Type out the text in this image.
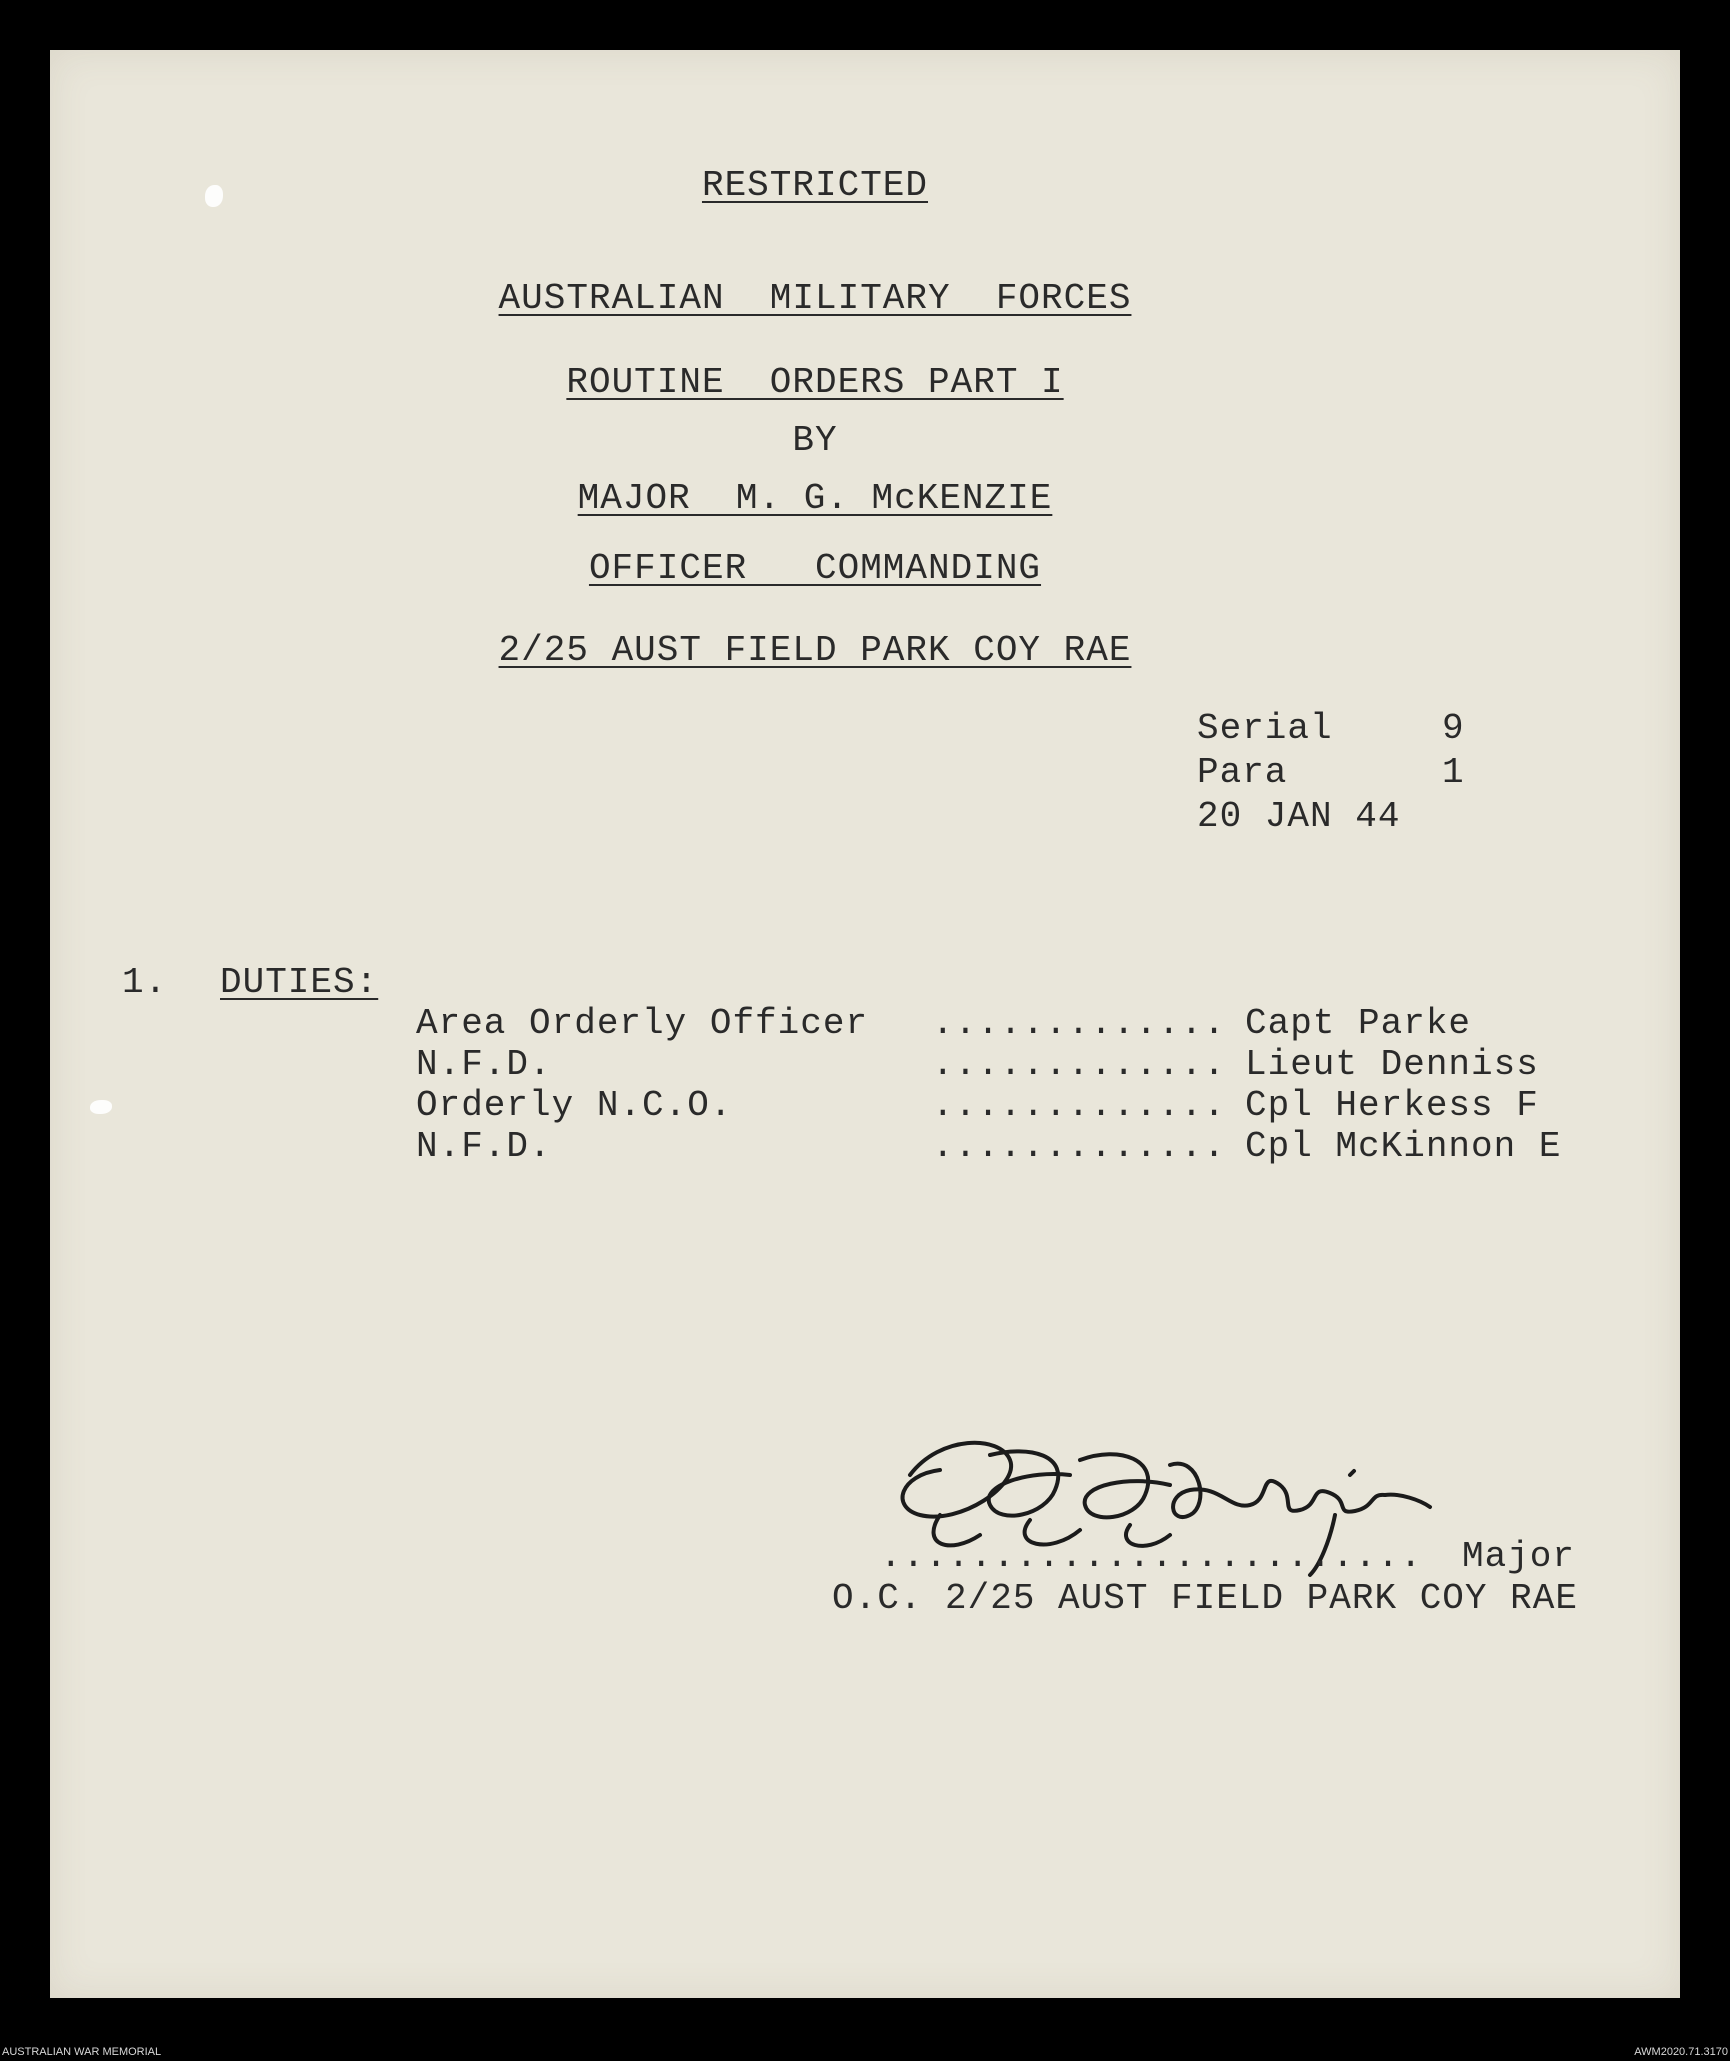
RESTRICTED
AUSTRALIAN  MILITARY  FORCES
ROUTINE  ORDERS PART I
BY
MAJOR  M. G. McKENZIE
OFFICER   COMMANDING
2/25 AUST FIELD PARK COY RAE
Serial	9
Para	1
20 JAN 44
1. DUTIES:
Area Orderly Officer ............. Capt Parke
N.F.D.	............. Lieut Denniss
Orderly N.C.O.	............. Cpl Herkess F
N.F.D.	............. Cpl McKinnon E
........................ Major
O.C. 2/25 AUST FIELD PARK COY RAE
AUSTRALIAN WAR MEMORIAL	AWM2020.71.3170
